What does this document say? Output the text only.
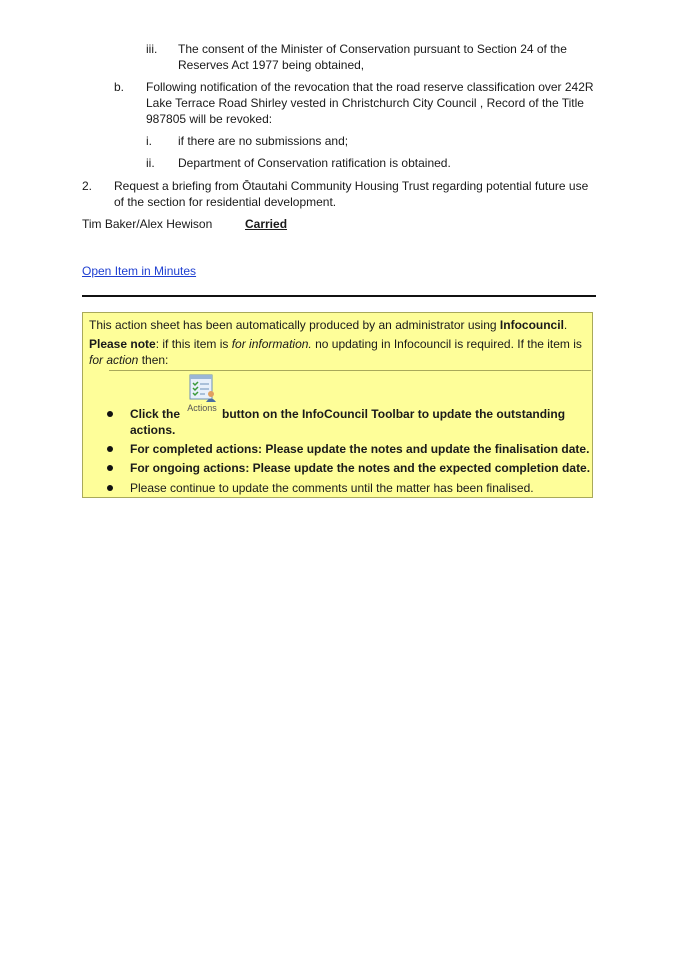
iii. The consent of the Minister of Conservation pursuant to Section 24 of the
Reserves Act 1977 being obtained,
b. Following notification of the revocation that the road reserve classification over 242R
Lake Terrace Road Shirley vested in Christchurch City Council , Record of the Title
987805 will be revoked:
i. if there are no submissions and;
ii. Department of Conservation ratification is obtained.
2. Request a briefing from Ōtautahi Community Housing Trust regarding potential future use
of the section for residential development.
Tim Baker/Alex Hewison	Carried
Open Item in Minutes
This action sheet has been automatically produced by an administrator using Infocouncil.
Please note: if this item is for information. no updating in Infocouncil is required. If the item is
for action then:
Click the Actions button on the InfoCouncil Toolbar to update the outstanding
actions.
For completed actions: Please update the notes and update the finalisation date.
For ongoing actions: Please update the notes and the expected completion date.
Please continue to update the comments until the matter has been finalised.
